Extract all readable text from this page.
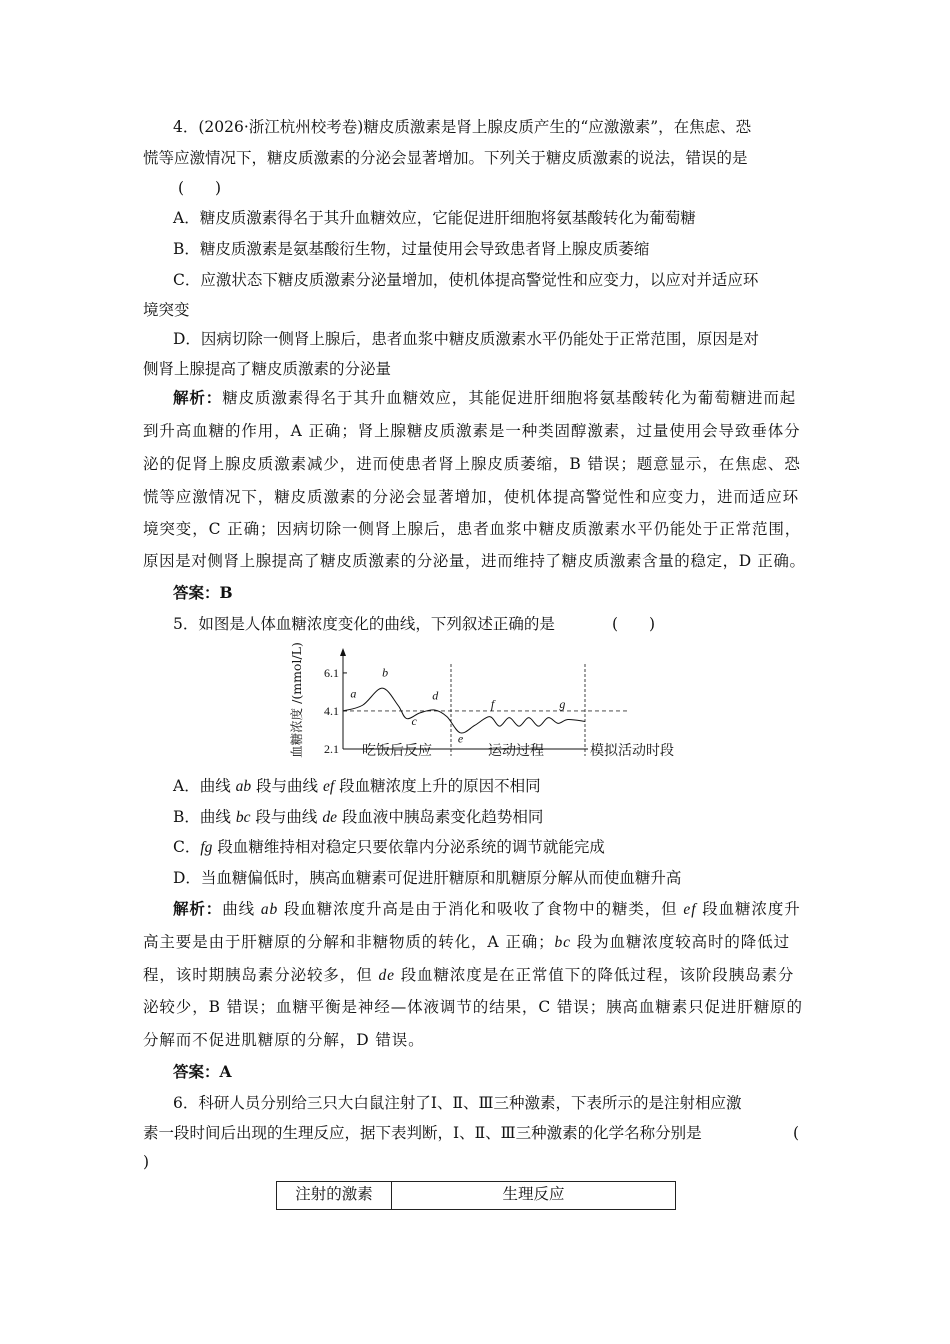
4．(2026·浙江杭州校考卷)糖皮质激素是肾上腺皮质产生的“应激激素”，在焦虑、恐
慌等应激情况下，糖皮质激素的分泌会显著增加。下列关于糖皮质激素的说法，错误的是
(　　)
A．糖皮质激素得名于其升血糖效应，它能促进肝细胞将氨基酸转化为葡萄糖
B．糖皮质激素是氨基酸衍生物，过量使用会导致患者肾上腺皮质萎缩
C．应激状态下糖皮质激素分泌量增加，使机体提高警觉性和应变力，以应对并适应环
境突变
D．因病切除一侧肾上腺后，患者血浆中糖皮质激素水平仍能处于正常范围，原因是对
侧肾上腺提高了糖皮质激素的分泌量
解析：糖皮质激素得名于其升血糖效应，其能促进肝细胞将氨基酸转化为葡萄糖进而起
到升高血糖的作用，A 正确；肾上腺糖皮质激素是一种类固醇激素，过量使用会导致垂体分
泌的促肾上腺皮质激素减少，进而使患者肾上腺皮质萎缩，B 错误；题意显示，在焦虑、恐
慌等应激情况下，糖皮质激素的分泌会显著增加，使机体提高警觉性和应变力，进而适应环
境突变，C 正确；因病切除一侧肾上腺后，患者血浆中糖皮质激素水平仍能处于正常范围，
原因是对侧肾上腺提高了糖皮质激素的分泌量，进而维持了糖皮质激素含量的稳定，D 正确。
答案：B
5．如图是人体血糖浓度变化的曲线，下列叙述正确的是	(　　)
6.1
4.1
2.1
a
b
c
d
e
f	g
血糖浓度 /(mmol/L)	吃饭后反应	运动过程	模拟活动时段
A．曲线 ab 段与曲线 ef 段血糖浓度上升的原因不相同
B．曲线 bc 段与曲线 de 段血液中胰岛素变化趋势相同
C．fg 段血糖维持相对稳定只要依靠内分泌系统的调节就能完成
D．当血糖偏低时，胰高血糖素可促进肝糖原和肌糖原分解从而使血糖升高
解析：曲线 ab 段血糖浓度升高是由于消化和吸收了食物中的糖类，但 ef 段血糖浓度升
高主要是由于肝糖原的分解和非糖物质的转化，A 正确；bc 段为血糖浓度较高时的降低过
程，该时期胰岛素分泌较多，但 de 段血糖浓度是在正常值下的降低过程，该阶段胰岛素分
泌较少，B 错误；血糖平衡是神经—体液调节的结果，C 错误；胰高血糖素只促进肝糖原的
分解而不促进肌糖原的分解，D 错误。
答案：A
6．科研人员分别给三只大白鼠注射了Ⅰ、Ⅱ、Ⅲ三种激素，下表所示的是注射相应激
素一段时间后出现的生理反应，据下表判断，Ⅰ、Ⅱ、Ⅲ三种激素的化学名称分别是	(
)
注射的激素	生理反应
